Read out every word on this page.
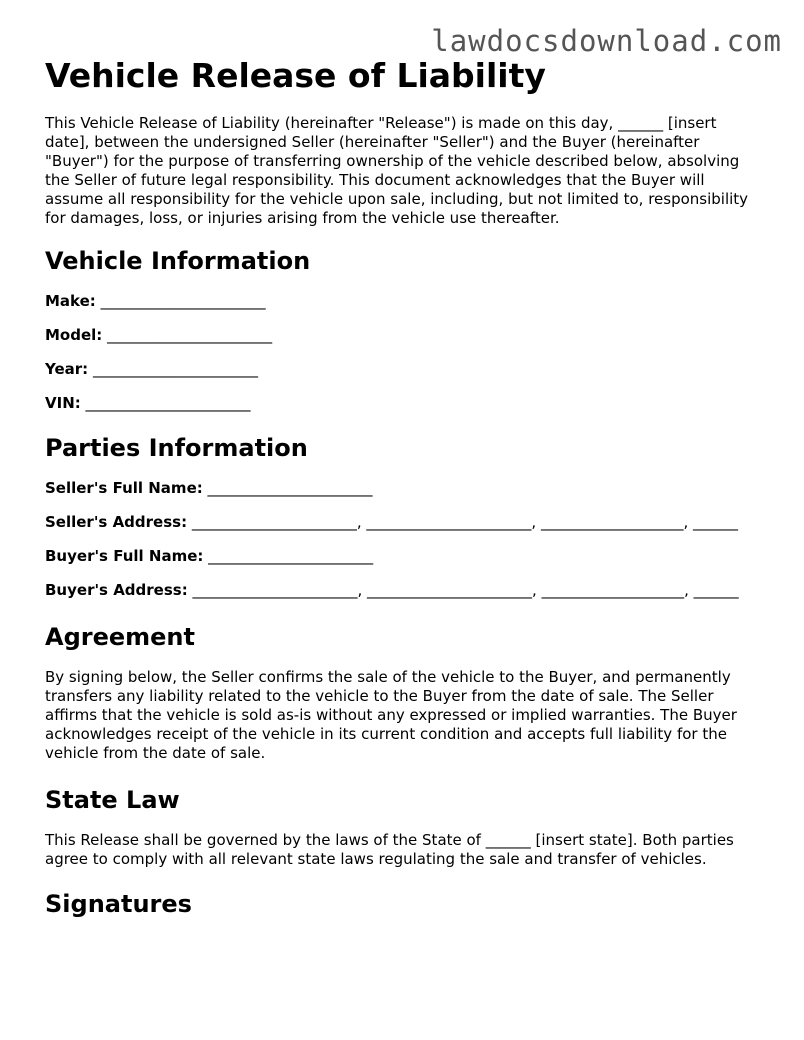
lawdocsdownload.com
Vehicle Release of Liability

This Vehicle Release of Liability (hereinafter "Release") is made on this day, ______ [insert date], between the undersigned Seller (hereinafter "Seller") and the Buyer (hereinafter "Buyer") for the purpose of transferring ownership of the vehicle described below, absolving the Seller of future legal responsibility. This document acknowledges that the Buyer will assume all responsibility for the vehicle upon sale, including, but not limited to, responsibility for damages, loss, or injuries arising from the vehicle use thereafter.

Vehicle Information
Make: ______________________
Model: ______________________
Year: ______________________
VIN: ______________________
Parties Information
Seller's Full Name: ______________________
Seller's Address: ______________________, ______________________, ___________________, ______
Buyer's Full Name: ______________________
Buyer's Address: ______________________, ______________________, ___________________, ______
Agreement

By signing below, the Seller confirms the sale of the vehicle to the Buyer, and permanently transfers any liability related to the vehicle to the Buyer from the date of sale. The Seller affirms that the vehicle is sold as-is without any expressed or implied warranties. The Buyer acknowledges receipt of the vehicle in its current condition and accepts full liability for the vehicle from the date of sale.

State Law

This Release shall be governed by the laws of the State of ______ [insert state]. Both parties agree to comply with all relevant state laws regulating the sale and transfer of vehicles.

Signatures
